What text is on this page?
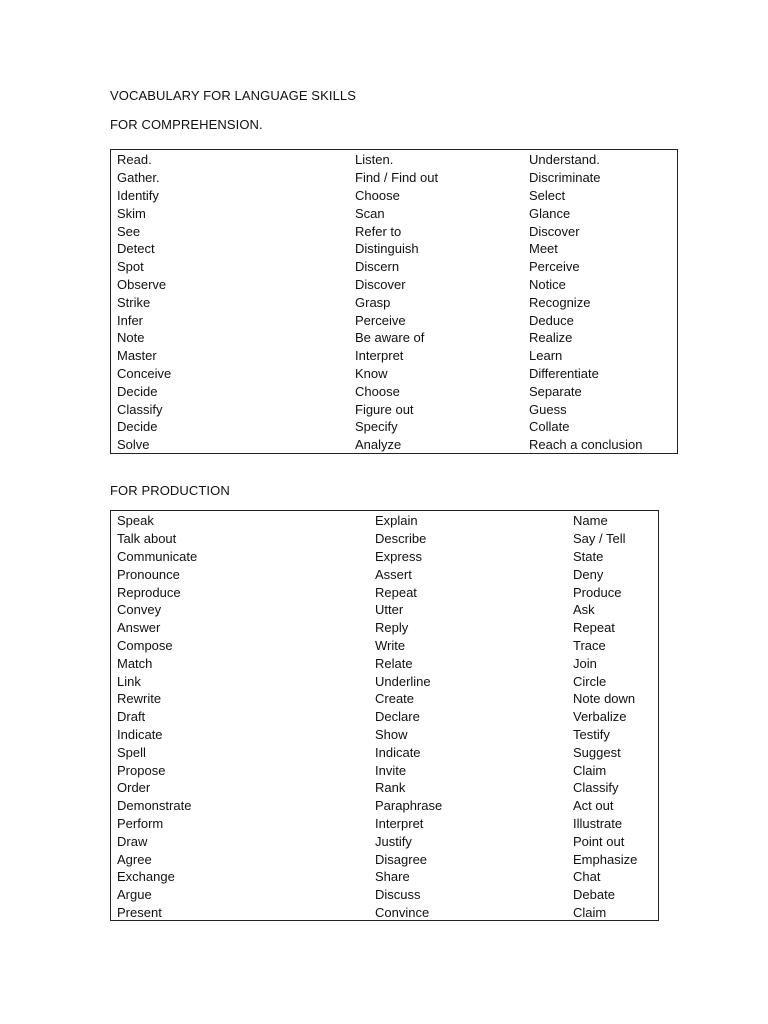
VOCABULARY FOR LANGUAGE SKILLS
FOR COMPREHENSION.
Read.	Listen.	Understand.
Gather.	Find / Find out	Discriminate
Identify	Choose	Select
Skim	Scan	Glance
See	Refer to	Discover
Detect	Distinguish	Meet
Spot	Discern	Perceive
Observe	Discover	Notice
Strike	Grasp	Recognize
Infer	Perceive	Deduce
Note	Be aware of	Realize
Master	Interpret	Learn
Conceive	Know	Differentiate
Decide	Choose	Separate
Classify	Figure out	Guess
Decide	Specify	Collate
Solve	Analyze	Reach a conclusion
FOR PRODUCTION
Speak	Explain	Name
Talk about	Describe	Say / Tell
Communicate	Express	State
Pronounce	Assert	Deny
Reproduce	Repeat	Produce
Convey	Utter	Ask
Answer	Reply	Repeat
Compose	Write	Trace
Match	Relate	Join
Link	Underline	Circle
Rewrite	Create	Note down
Draft	Declare	Verbalize
Indicate	Show	Testify
Spell	Indicate	Suggest
Propose	Invite	Claim
Order	Rank	Classify
Demonstrate	Paraphrase	Act out
Perform	Interpret	Illustrate
Draw	Justify	Point out
Agree	Disagree	Emphasize
Exchange	Share	Chat
Argue	Discuss	Debate
Present	Convince	Claim
